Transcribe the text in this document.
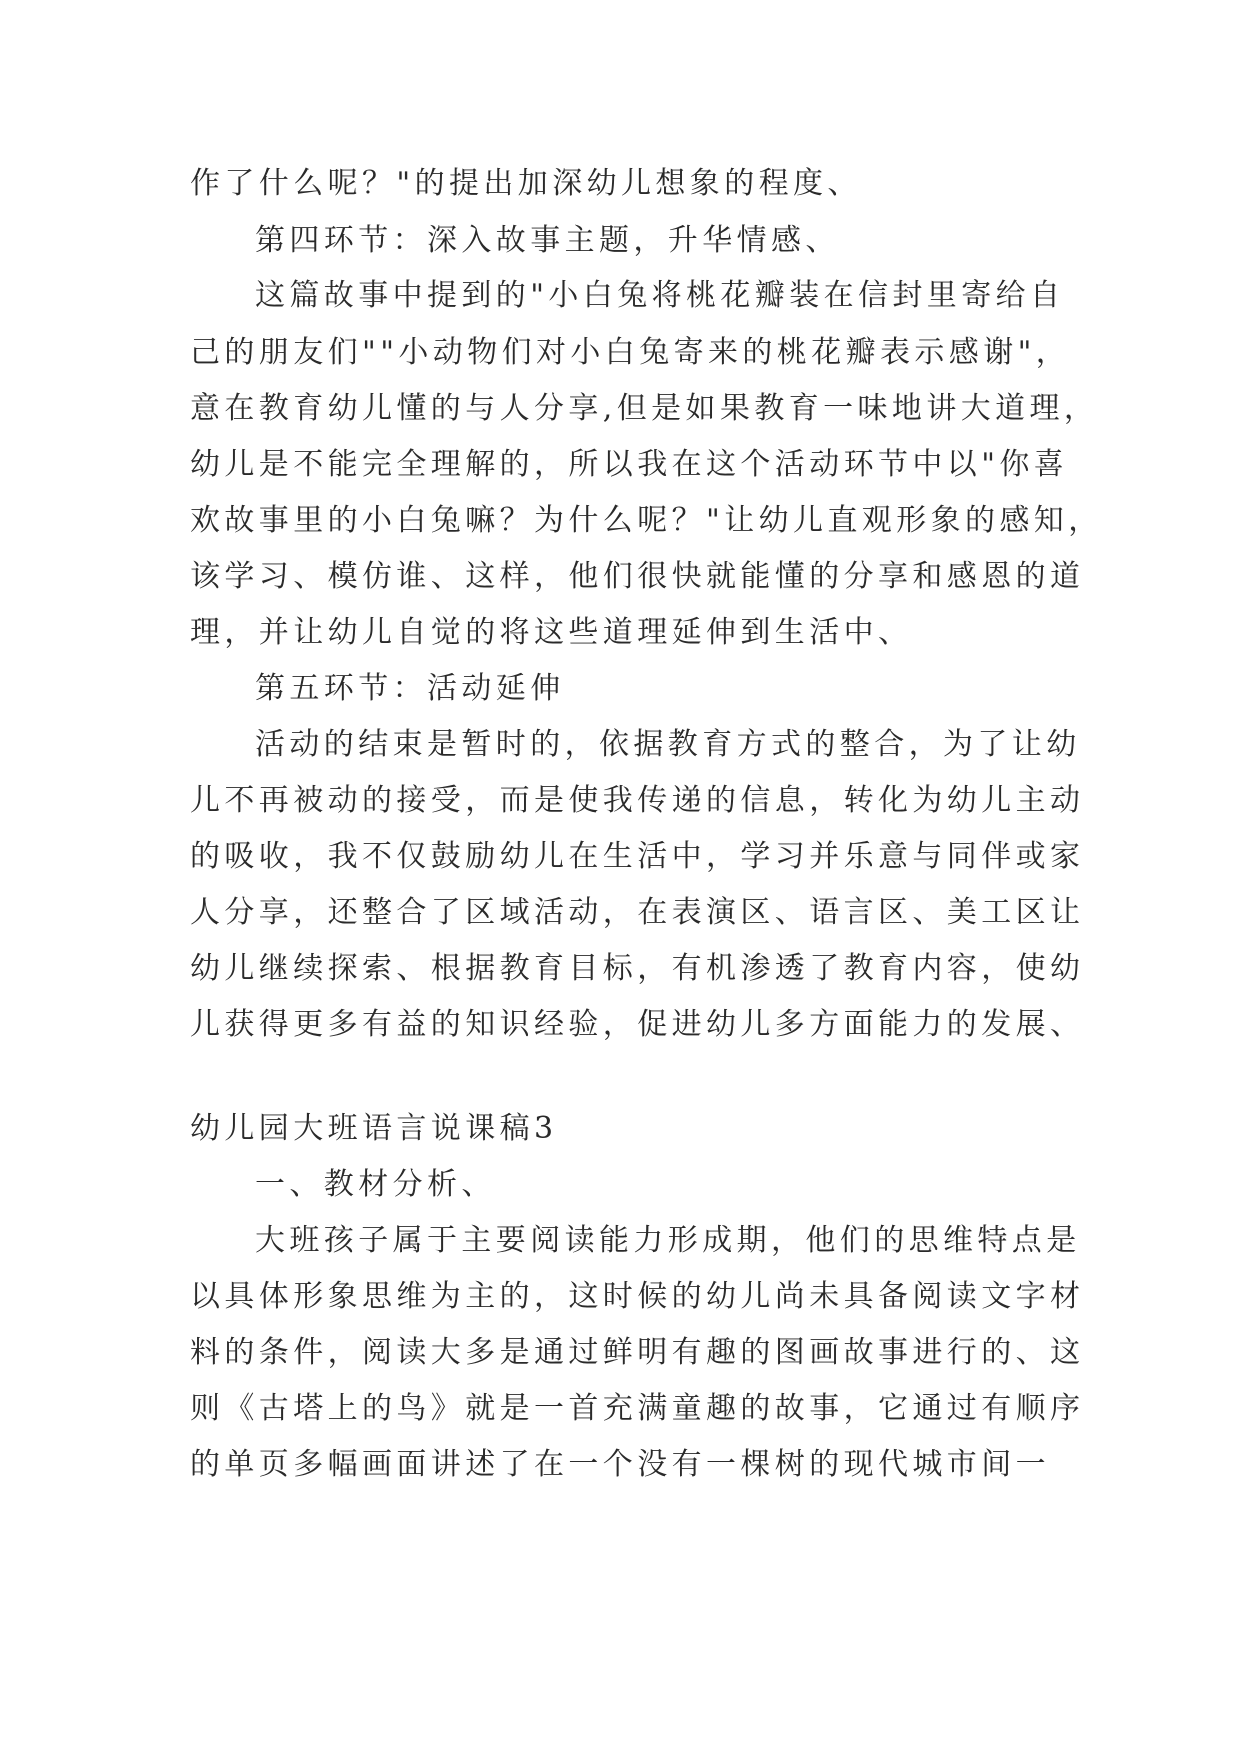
作了什么呢？"的提出加深幼儿想象的程度、

第四环节：深入故事主题，升华情感、

这篇故事中提到的"小白兔将桃花瓣装在信封里寄给自

己的朋友们""小动物们对小白兔寄来的桃花瓣表示感谢"，

意在教育幼儿懂的与人分享,但是如果教育一味地讲大道理，

幼儿是不能完全理解的，所以我在这个活动环节中以"你喜

欢故事里的小白兔嘛？为什么呢？"让幼儿直观形象的感知，

该学习、模仿谁、这样，他们很快就能懂的分享和感恩的道

理，并让幼儿自觉的将这些道理延伸到生活中、

第五环节：活动延伸

活动的结束是暂时的，依据教育方式的整合，为了让幼

儿不再被动的接受，而是使我传递的信息，转化为幼儿主动

的吸收，我不仅鼓励幼儿在生活中，学习并乐意与同伴或家

人分享，还整合了区域活动，在表演区、语言区、美工区让

幼儿继续探索、根据教育目标，有机渗透了教育内容，使幼

儿获得更多有益的知识经验，促进幼儿多方面能力的发展、

幼儿园大班语言说课稿3

一、教材分析、

大班孩子属于主要阅读能力形成期，他们的思维特点是

以具体形象思维为主的，这时候的幼儿尚未具备阅读文字材

料的条件，阅读大多是通过鲜明有趣的图画故事进行的、这

则《古塔上的鸟》就是一首充满童趣的故事，它通过有顺序

的单页多幅画面讲述了在一个没有一棵树的现代城市间一
